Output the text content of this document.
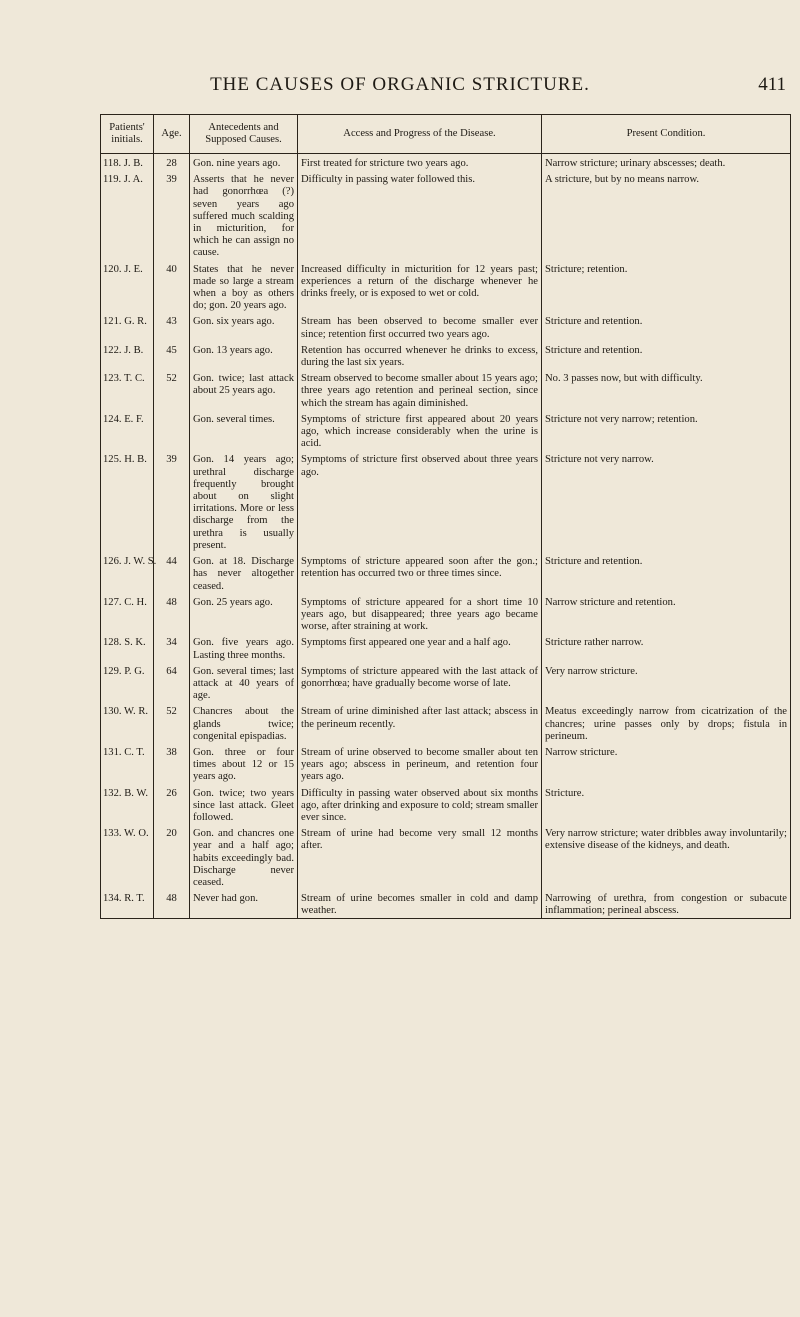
THE CAUSES OF ORGANIC STRICTURE.	411
Patients' initials.	Age.	Antecedents and Supposed Causes.	Access and Progress of the Disease.	Present Condition.
118. J. B.	28	Gon. nine years ago.	First treated for stricture two years ago.	Narrow stricture; urinary abscesses; death.
119. J. A.	39	Asserts that he never had gonorrhœa (?) seven years ago suffered much scalding in micturition, for which he can assign no cause.	Difficulty in passing water followed this.	A stricture, but by no means narrow.
120. J. E.	40	States that he never made so large a stream when a boy as others do; gon. 20 years ago.	Increased difficulty in micturition for 12 years past; experiences a return of the discharge whenever he drinks freely, or is exposed to wet or cold.	Stricture; retention.
121. G. R.	43	Gon. six years ago.	Stream has been observed to become smaller ever since; retention first occurred two years ago.	Stricture and retention.
122. J. B.	45	Gon. 13 years ago.	Retention has occurred whenever he drinks to excess, during the last six years.	Stricture and retention.
123. T. C.	52	Gon. twice; last attack about 25 years ago.	Stream observed to become smaller about 15 years ago; three years ago retention and perineal section, since which the stream has again diminished.	No. 3 passes now, but with difficulty.
124. E. F.		Gon. several times.	Symptoms of stricture first appeared about 20 years ago, which increase considerably when the urine is acid.	Stricture not very narrow; retention.
125. H. B.	39	Gon. 14 years ago; urethral discharge frequently brought about on slight irritations. More or less discharge from the urethra is usually present.	Symptoms of stricture first observed about three years ago.	Stricture not very narrow.
126. J. W. S.	44	Gon. at 18. Discharge has never altogether ceased.	Symptoms of stricture appeared soon after the gon.; retention has occurred two or three times since.	Stricture and retention.
127. C. H.	48	Gon. 25 years ago.	Symptoms of stricture appeared for a short time 10 years ago, but disappeared; three years ago became worse, after straining at work.	Narrow stricture and retention.
128. S. K.	34	Gon. five years ago. Lasting three months.	Symptoms first appeared one year and a half ago.	Stricture rather narrow.
129. P. G.	64	Gon. several times; last attack at 40 years of age.	Symptoms of stricture appeared with the last attack of gonorrhœa; have gradually become worse of late.	Very narrow stricture.
130. W. R.	52	Chancres about the glands twice; congenital epispadias.	Stream of urine diminished after last attack; abscess in the perineum recently.	Meatus exceedingly narrow from cicatrization of the chancres; urine passes only by drops; fistula in perineum.
131. C. T.	38	Gon. three or four times about 12 or 15 years ago.	Stream of urine observed to become smaller about ten years ago; abscess in perineum, and retention four years ago.	Narrow stricture.
132. B. W.	26	Gon. twice; two years since last attack. Gleet followed.	Difficulty in passing water observed about six months ago, after drinking and exposure to cold; stream smaller ever since.	Stricture.
133. W. O.	20	Gon. and chancres one year and a half ago; habits exceedingly bad. Discharge never ceased.	Stream of urine had become very small 12 months after.	Very narrow stricture; water dribbles away involuntarily; extensive disease of the kidneys, and death.
134. R. T.	48	Never had gon.	Stream of urine becomes smaller in cold and damp weather.	Narrowing of urethra, from congestion or subacute inflammation; perineal abscess.
